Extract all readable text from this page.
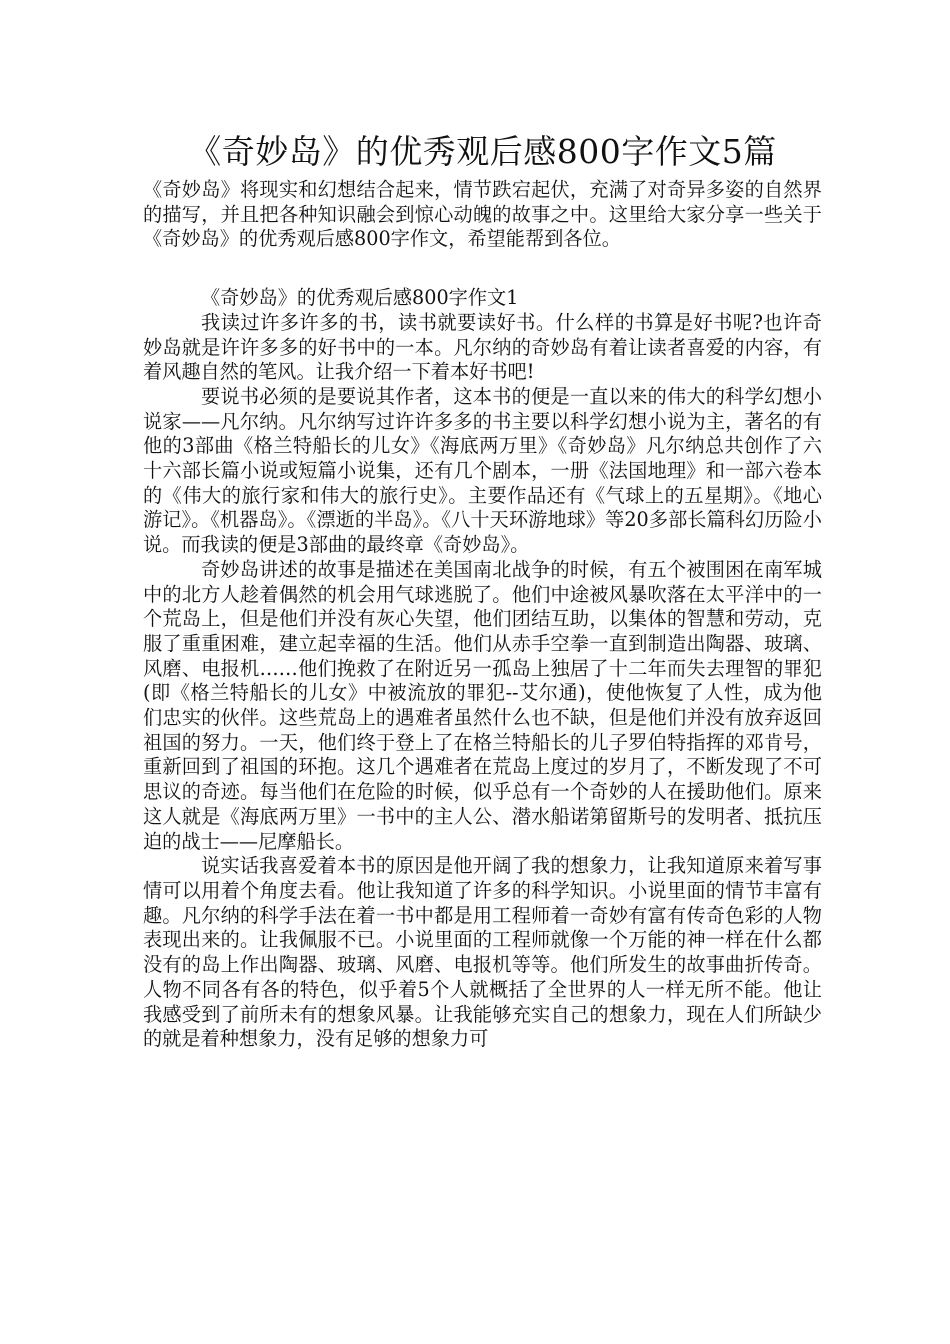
《奇妙岛》的优秀观后感800字作文5篇

《奇妙岛》将现实和幻想结合起来，情节跌宕起伏，充满了对奇异多姿的自然界的描写，并且把各种知识融会到惊心动魄的故事之中。这里给大家分享一些关于《奇妙岛》的优秀观后感800字作文，希望能帮到各位。

《奇妙岛》的优秀观后感800字作文1

我读过许多许多的书，读书就要读好书。什么样的书算是好书呢?也许奇妙岛就是许许多多的好书中的一本。凡尔纳的奇妙岛有着让读者喜爱的内容，有着风趣自然的笔风。让我介绍一下着本好书吧!

要说书必须的是要说其作者，这本书的便是一直以来的伟大的科学幻想小说家——凡尔纳。凡尔纳写过许许多多的书主要以科学幻想小说为主，著名的有他的3部曲《格兰特船长的儿女》《海底两万里》《奇妙岛》凡尔纳总共创作了六十六部长篇小说或短篇小说集，还有几个剧本，一册《法国地理》和一部六卷本的《伟大的旅行家和伟大的旅行史》。主要作品还有《气球上的五星期》。《地心游记》。《机器岛》。《漂逝的半岛》。《八十天环游地球》等20多部长篇科幻历险小说。而我读的便是3部曲的最终章《奇妙岛》。

奇妙岛讲述的故事是描述在美国南北战争的时候，有五个被围困在南军城中的北方人趁着偶然的机会用气球逃脱了。他们中途被风暴吹落在太平洋中的一个荒岛上，但是他们并没有灰心失望，他们团结互助，以集体的智慧和劳动，克服了重重困难，建立起幸福的生活。他们从赤手空拳一直到制造出陶器、玻璃、风磨、电报机……他们挽救了在附近另一孤岛上独居了十二年而失去理智的罪犯(即《格兰特船长的儿女》中被流放的罪犯--艾尔通)，使他恢复了人性，成为他们忠实的伙伴。这些荒岛上的遇难者虽然什么也不缺，但是他们并没有放弃返回祖国的努力。一天，他们终于登上了在格兰特船长的儿子罗伯特指挥的邓肯号，重新回到了祖国的环抱。这几个遇难者在荒岛上度过的岁月了，不断发现了不可思议的奇迹。每当他们在危险的时候，似乎总有一个奇妙的人在援助他们。原来这人就是《海底两万里》一书中的主人公、潜水船诺第留斯号的发明者、抵抗压迫的战士——尼摩船长。

说实话我喜爱着本书的原因是他开阔了我的想象力，让我知道原来着写事情可以用着个角度去看。他让我知道了许多的科学知识。小说里面的情节丰富有趣。凡尔纳的科学手法在着一书中都是用工程师着一奇妙有富有传奇色彩的人物表现出来的。让我佩服不已。小说里面的工程师就像一个万能的神一样在什么都没有的岛上作出陶器、玻璃、风磨、电报机等等。他们所发生的故事曲折传奇。人物不同各有各的特色，似乎着5个人就概括了全世界的人一样无所不能。他让我感受到了前所未有的想象风暴。让我能够充实自己的想象力，现在人们所缺少的就是着种想象力，没有足够的想象力可
